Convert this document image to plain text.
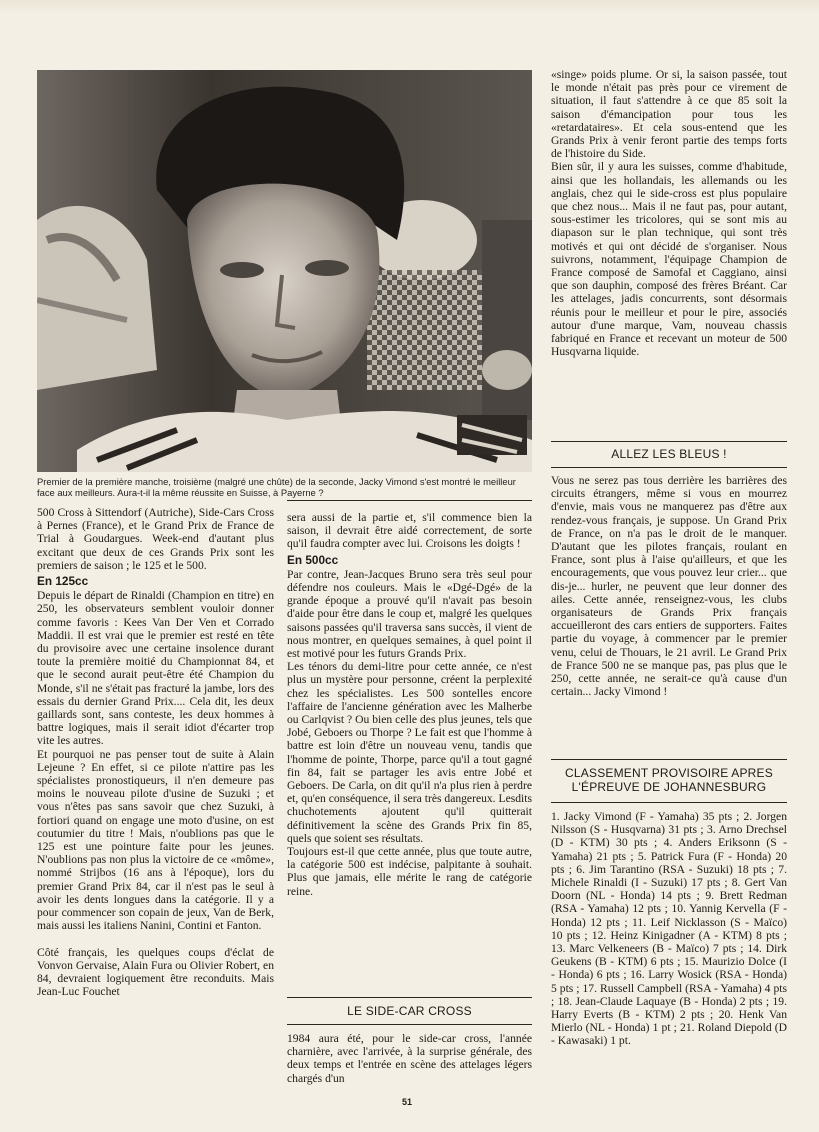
Premier de la première manche, troisième (malgré une chûte) de la seconde, Jacky Vimond s'est montré le meilleur face aux meilleurs. Aura-t-il la même réussite en Suisse, à Payerne ?

500 Cross à Sittendorf (Autriche), Side-Cars Cross à Pernes (France), et le Grand Prix de France de Trial à Goudargues. Week-end d'autant plus excitant que deux de ces Grands Prix sont les premiers de saison ; le 125 et le 500.

En 125cc

Depuis le départ de Rinaldi (Champion en titre) en 250, les observateurs semblent vouloir donner comme favoris : Kees Van Der Ven et Corrado Maddii. Il est vrai que le premier est resté en tête du provisoire avec une certaine insolence durant toute la première moitié du Championnat 84, et que le second aurait peut-être été Champion du Monde, s'il ne s'était pas fracturé la jambe, lors des essais du dernier Grand Prix.... Cela dit, les deux gaillards sont, sans conteste, les deux hommes à battre logiques, mais il serait idiot d'écarter trop vite les autres.

Et pourquoi ne pas penser tout de suite à Alain Lejeune ? En effet, si ce pilote n'attire pas les spécialistes pronostiqueurs, il n'en demeure pas moins le nouveau pilote d'usine de Suzuki ; et vous n'êtes pas sans savoir que chez Suzuki, à fortiori quand on engage une moto d'usine, on est coutumier du titre ! Mais, n'oublions pas que le 125 est une pointure faite pour les jeunes. N'oublions pas non plus la victoire de ce «môme», nommé Strijbos (16 ans à l'époque), lors du premier Grand Prix 84, car il n'est pas le seul à avoir les dents longues dans la catégorie. Il y a pour commencer son copain de jeux, Van de Berk, mais aussi les italiens Nanini, Contini et Fanton.

Côté français, les quelques coups d'éclat de Vonvon Gervaise, Alain Fura ou Olivier Robert, en 84, devraient logiquement être reconduits. Mais Jean-Luc Fouchet

sera aussi de la partie et, s'il commence bien la saison, il devrait être aidé correctement, de sorte qu'il faudra compter avec lui. Croisons les doigts !

En 500cc

Par contre, Jean-Jacques Bruno sera très seul pour défendre nos couleurs. Mais le «Dgé-Dgé» de la grande époque a prouvé qu'il n'avait pas besoin d'aide pour être dans le coup et, malgré les quelques saisons passées qu'il traversa sans succès, il vient de nous montrer, en quelques semaines, à quel point il est motivé pour les futurs Grands Prix.

Les ténors du demi-litre pour cette année, ce n'est plus un mystère pour personne, créent la perplexité chez les spécialistes. Les 500 sontelles encore l'affaire de l'ancienne génération avec les Malherbe ou Carlqvist ? Ou bien celle des plus jeunes, tels que Jobé, Geboers ou Thorpe ? Le fait est que l'homme à battre est loin d'être un nouveau venu, tandis que l'homme de pointe, Thorpe, parce qu'il a tout gagné fin 84, fait se partager les avis entre Jobé et Geboers. De Carla, on dit qu'il n'a plus rien à perdre et, qu'en conséquence, il sera très dangereux. Lesdits chuchotements ajoutent qu'il quitterait définitivement la scène des Grands Prix fin 85, quels que soient ses résultats.

Toujours est-il que cette année, plus que toute autre, la catégorie 500 est indécise, palpitante à souhait. Plus que jamais, elle mérite le rang de catégorie reine.

LE SIDE-CAR CROSS

1984 aura été, pour le side-car cross, l'année charnière, avec l'arrivée, à la surprise générale, des deux temps et l'entrée en scène des attelages légers chargés d'un

«singe» poids plume. Or si, la saison passée, tout le monde n'était pas près pour ce virement de situation, il faut s'attendre à ce que 85 soit la saison d'émancipation pour tous les «retardataires». Et cela sous-entend que les Grands Prix à venir feront partie des temps forts de l'histoire du Side.

Bien sûr, il y aura les suisses, comme d'habitude, ainsi que les hollandais, les allemands ou les anglais, chez qui le side-cross est plus populaire que chez nous... Mais il ne faut pas, pour autant, sous-estimer les tricolores, qui se sont mis au diapason sur le plan technique, qui sont très motivés et qui ont décidé de s'organiser. Nous suivrons, notamment, l'équipage Champion de France composé de Samofal et Caggiano, ainsi que son dauphin, composé des frères Bréant. Car les attelages, jadis concurrents, sont désormais réunis pour le meilleur et pour le pire, associés autour d'une marque, Vam, nouveau chassis fabriqué en France et recevant un moteur de 500 Husqvarna liquide.

ALLEZ LES BLEUS !

Vous ne serez pas tous derrière les barrières des circuits étrangers, même si vous en mourrez d'envie, mais vous ne manquerez pas d'être aux rendez-vous français, je suppose. Un Grand Prix de France, on n'a pas le droit de le manquer. D'autant que les pilotes français, roulant en France, sont plus à l'aise qu'ailleurs, et que les encouragements, que vous pouvez leur crier... que dis-je... hurler, ne peuvent que leur donner des ailes. Cette année, renseignez-vous, les clubs organisateurs de Grands Prix français accueilleront des cars entiers de supporters. Faites partie du voyage, à commencer par le premier venu, celui de Thouars, le 21 avril. Le Grand Prix de France 500 ne se manque pas, pas plus que le 250, cette année, ne serait-ce qu'à cause d'un certain... Jacky Vimond !

CLASSEMENT PROVISOIRE APRES
L'ÉPREUVE DE JOHANNESBURG

1. Jacky Vimond (F - Yamaha) 35 pts ; 2. Jorgen Nilsson (S - Husqvarna) 31 pts ; 3. Arno Drechsel (D - KTM) 30 pts ; 4. Anders Eriksonn (S - Yamaha) 21 pts ; 5. Patrick Fura (F - Honda) 20 pts ; 6. Jim Tarantino (RSA - Suzuki) 18 pts ; 7. Michele Rinaldi (I - Suzuki) 17 pts ; 8. Gert Van Doorn (NL - Honda) 14 pts ; 9. Brett Redman (RSA - Yamaha) 12 pts ; 10. Yannig Kervella (F - Honda) 12 pts ; 11. Leif Nicklasson (S - Maïco) 10 pts ; 12. Heinz Kinigadner (A - KTM) 8 pts ; 13. Marc Velkeneers (B - Maïco) 7 pts ; 14. Dirk Geukens (B - KTM) 6 pts ; 15. Maurizio Dolce (I - Honda) 6 pts ; 16. Larry Wosick (RSA - Honda) 5 pts ; 17. Russell Campbell (RSA - Yamaha) 4 pts ; 18. Jean-Claude Laquaye (B - Honda) 2 pts ; 19. Harry Everts (B - KTM) 2 pts ; 20. Henk Van Mierlo (NL - Honda) 1 pt ; 21. Roland Diepold (D - Kawasaki) 1 pt.

51
